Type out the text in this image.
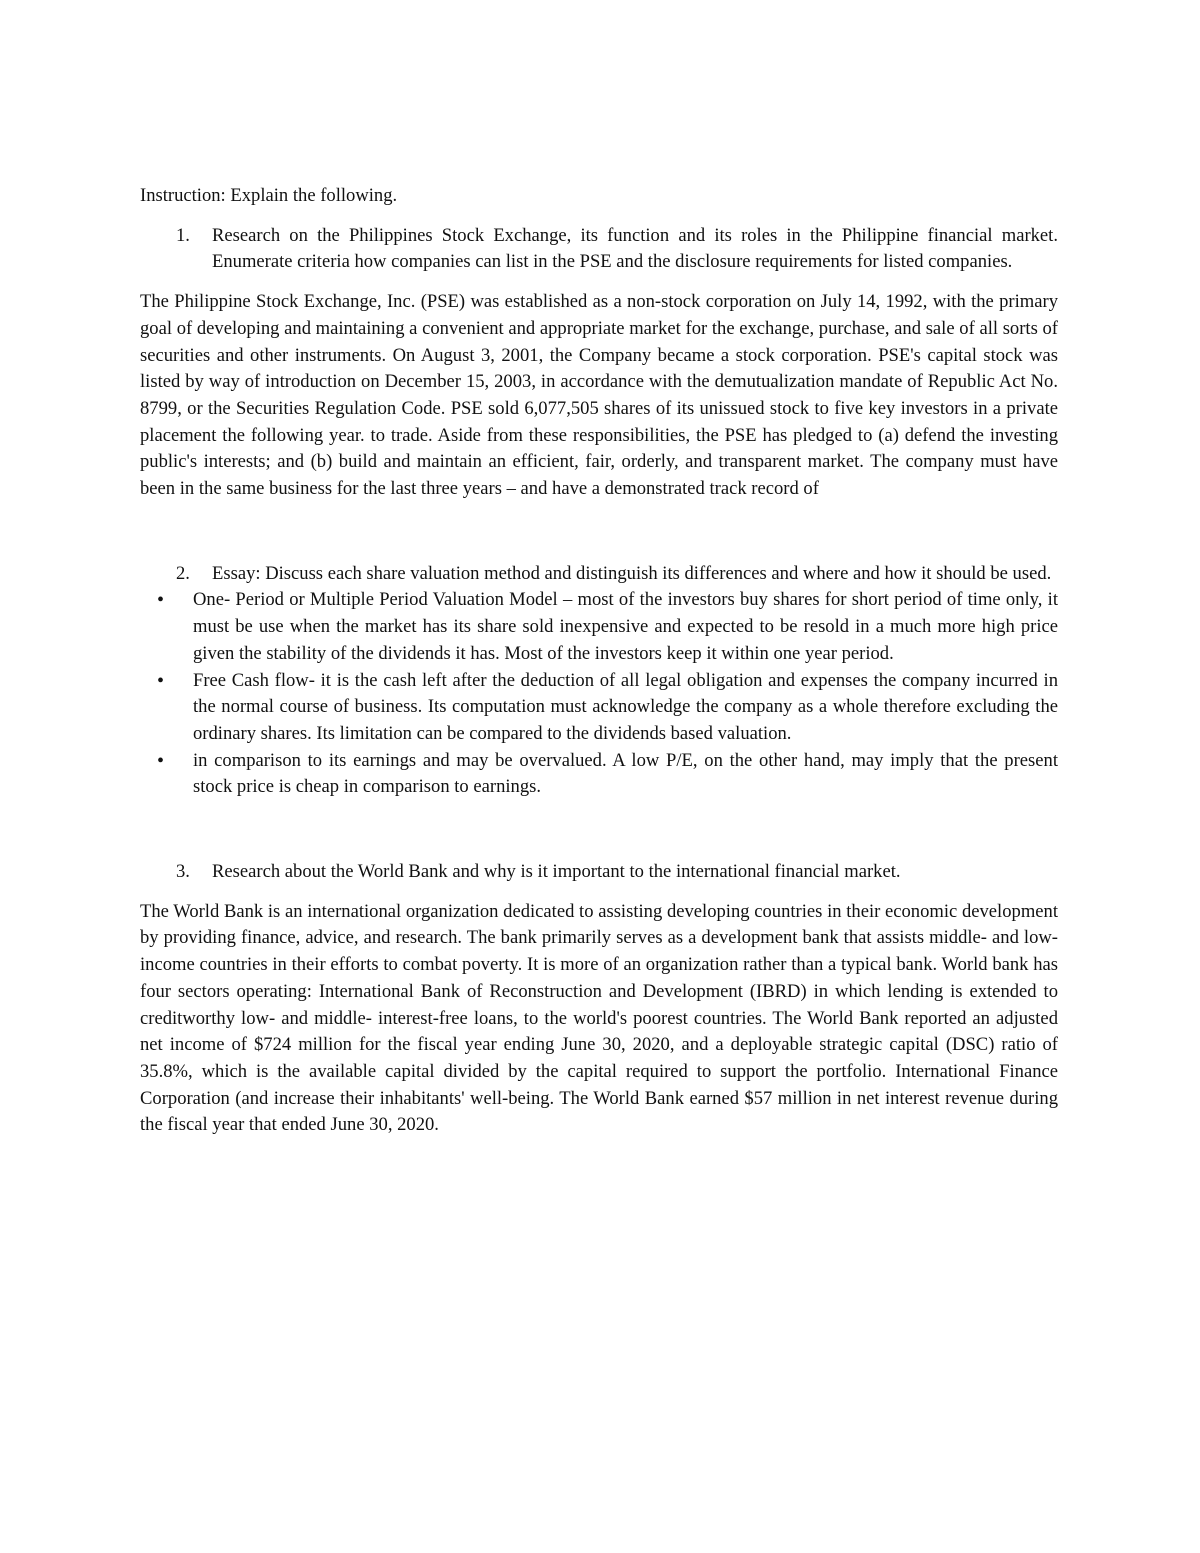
Instruction: Explain the following.

1. Research on the Philippines Stock Exchange, its function and its roles in the Philippine financial market. Enumerate criteria how companies can list in the PSE and the disclosure requirements for listed companies.

The Philippine Stock Exchange, Inc. (PSE) was established as a non-stock corporation on July 14, 1992, with the primary goal of developing and maintaining a convenient and appropriate market for the exchange, purchase, and sale of all sorts of securities and other instruments. On August 3, 2001, the Company became a stock corporation. PSE's capital stock was listed by way of introduction on December 15, 2003, in accordance with the demutualization mandate of Republic Act No. 8799, or the Securities Regulation Code. PSE sold 6,077,505 shares of its unissued stock to five key investors in a private placement the following year. to trade. Aside from these responsibilities, the PSE has pledged to (a) defend the investing public's interests; and (b) build and maintain an efficient, fair, orderly, and transparent market. The company must have been in the same business for the last three years – and have a demonstrated track record of

2. Essay: Discuss each share valuation method and distinguish its differences and where and how it should be used.
• One- Period or Multiple Period Valuation Model – most of the investors buy shares for short period of time only, it must be use when the market has its share sold inexpensive and expected to be resold in a much more high price given the stability of the dividends it has. Most of the investors keep it within one year period.
• Free Cash flow- it is the cash left after the deduction of all legal obligation and expenses the company incurred in the normal course of business. Its computation must acknowledge the company as a whole therefore excluding the ordinary shares. Its limitation can be compared to the dividends based valuation.
• in comparison to its earnings and may be overvalued. A low P/E, on the other hand, may imply that the present stock price is cheap in comparison to earnings.
3. Research about the World Bank and why is it important to the international financial market.

The World Bank is an international organization dedicated to assisting developing countries in their economic development by providing finance, advice, and research. The bank primarily serves as a development bank that assists middle- and low-income countries in their efforts to combat poverty. It is more of an organization rather than a typical bank. World bank has four sectors operating: International Bank of Reconstruction and Development (IBRD) in which lending is extended to creditworthy low- and middle- interest-free loans, to the world's poorest countries. The World Bank reported an adjusted net income of $724 million for the fiscal year ending June 30, 2020, and a deployable strategic capital (DSC) ratio of 35.8%, which is the available capital divided by the capital required to support the portfolio. International Finance Corporation (and increase their inhabitants' well-being. The World Bank earned $57 million in net interest revenue during the fiscal year that ended June 30, 2020.
